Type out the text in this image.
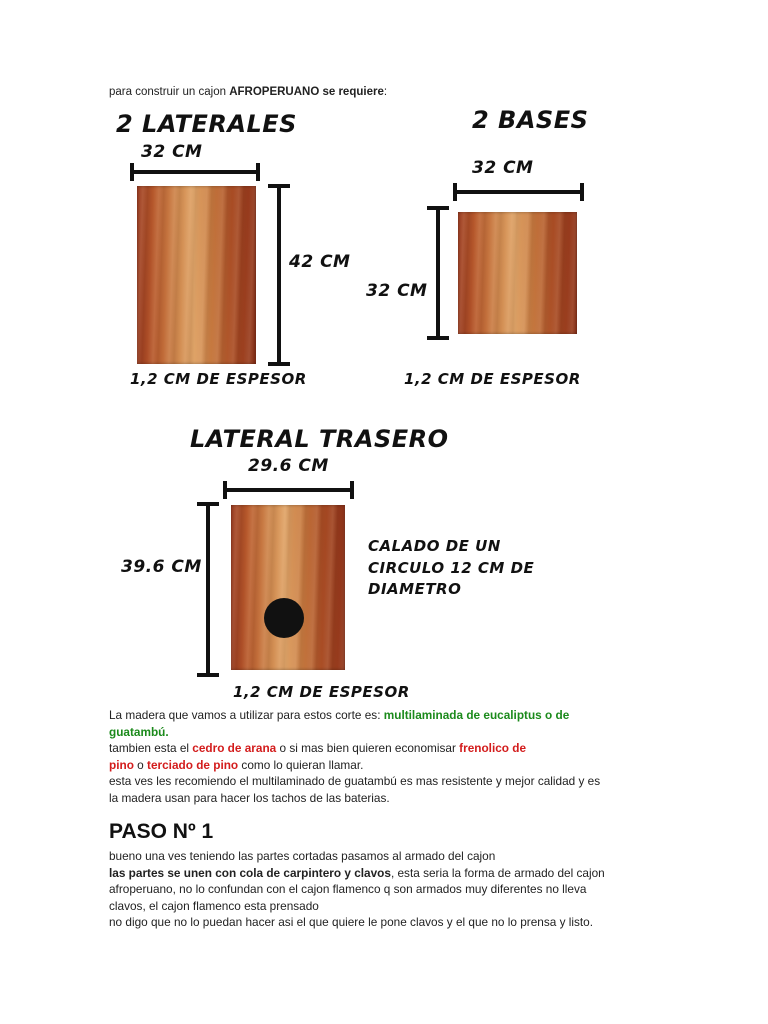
para construir un cajon AFROPERUANO se requiere:
2 LATERALES
32 CM
42 CM
1,2 CM DE ESPESOR
2 BASES
32 CM
32 CM
1,2 CM DE ESPESOR
LATERAL TRASERO
29.6 CM
39.6 CM
CALADO DE UN
CIRCULO 12 CM DE
DIAMETRO
1,2 CM DE ESPESOR
La madera que vamos a utilizar para estos corte es: multilaminada de eucaliptus o de
guatambú.
tambien esta el cedro de arana o si mas bien quieren economisar frenolico de
pino o terciado de pino como lo quieran llamar.
esta ves les recomiendo el multilaminado de guatambú es mas resistente y mejor calidad y es
la madera usan para hacer los tachos de las baterias.
PASO Nº 1
bueno una ves teniendo las partes cortadas pasamos al armado del cajon
las partes se unen con cola de carpintero y clavos, esta seria la forma de armado del cajon
afroperuano, no lo confundan con el cajon flamenco q son armados muy diferentes no lleva
clavos, el cajon flamenco esta prensado
no digo que no lo puedan hacer asi el que quiere le pone clavos y el que no lo prensa y listo.
